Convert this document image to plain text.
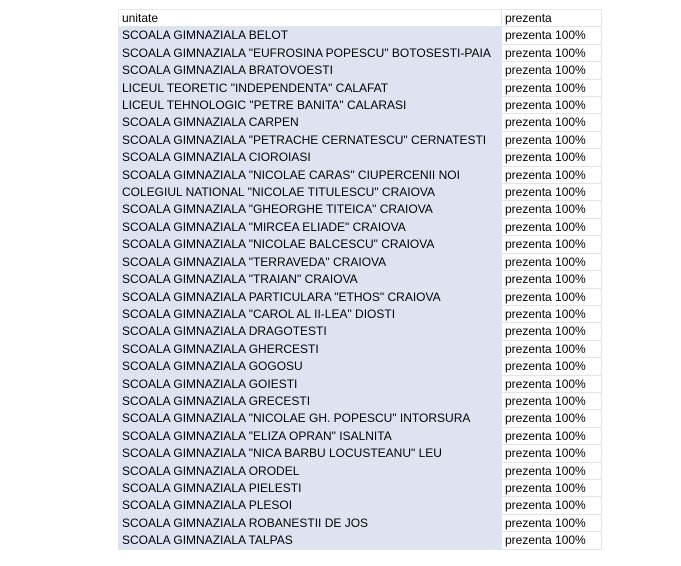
unitate	prezenta
SCOALA GIMNAZIALA BELOT	prezenta 100%
SCOALA GIMNAZIALA "EUFROSINA POPESCU" BOTOSESTI-PAIA	prezenta 100%
SCOALA GIMNAZIALA BRATOVOESTI	prezenta 100%
LICEUL TEORETIC "INDEPENDENTA" CALAFAT	prezenta 100%
LICEUL TEHNOLOGIC "PETRE BANITA" CALARASI	prezenta 100%
SCOALA GIMNAZIALA CARPEN	prezenta 100%
SCOALA GIMNAZIALA "PETRACHE CERNATESCU" CERNATESTI	prezenta 100%
SCOALA GIMNAZIALA CIOROIASI	prezenta 100%
SCOALA GIMNAZIALA "NICOLAE CARAS" CIUPERCENII NOI	prezenta 100%
COLEGIUL NATIONAL "NICOLAE TITULESCU" CRAIOVA	prezenta 100%
SCOALA GIMNAZIALA "GHEORGHE TITEICA" CRAIOVA	prezenta 100%
SCOALA GIMNAZIALA "MIRCEA ELIADE" CRAIOVA	prezenta 100%
SCOALA GIMNAZIALA "NICOLAE BALCESCU" CRAIOVA	prezenta 100%
SCOALA GIMNAZIALA "TERRAVEDA" CRAIOVA	prezenta 100%
SCOALA GIMNAZIALA "TRAIAN" CRAIOVA	prezenta 100%
SCOALA GIMNAZIALA PARTICULARA "ETHOS" CRAIOVA	prezenta 100%
SCOALA GIMNAZIALA "CAROL AL II-LEA" DIOSTI	prezenta 100%
SCOALA GIMNAZIALA DRAGOTESTI	prezenta 100%
SCOALA GIMNAZIALA GHERCESTI	prezenta 100%
SCOALA GIMNAZIALA GOGOSU	prezenta 100%
SCOALA GIMNAZIALA GOIESTI	prezenta 100%
SCOALA GIMNAZIALA GRECESTI	prezenta 100%
SCOALA GIMNAZIALA "NICOLAE GH. POPESCU" INTORSURA	prezenta 100%
SCOALA GIMNAZIALA "ELIZA OPRAN" ISALNITA	prezenta 100%
SCOALA GIMNAZIALA "NICA BARBU LOCUSTEANU" LEU	prezenta 100%
SCOALA GIMNAZIALA ORODEL	prezenta 100%
SCOALA GIMNAZIALA PIELESTI	prezenta 100%
SCOALA GIMNAZIALA PLESOI	prezenta 100%
SCOALA GIMNAZIALA ROBANESTII DE JOS	prezenta 100%
SCOALA GIMNAZIALA TALPAS	prezenta 100%
